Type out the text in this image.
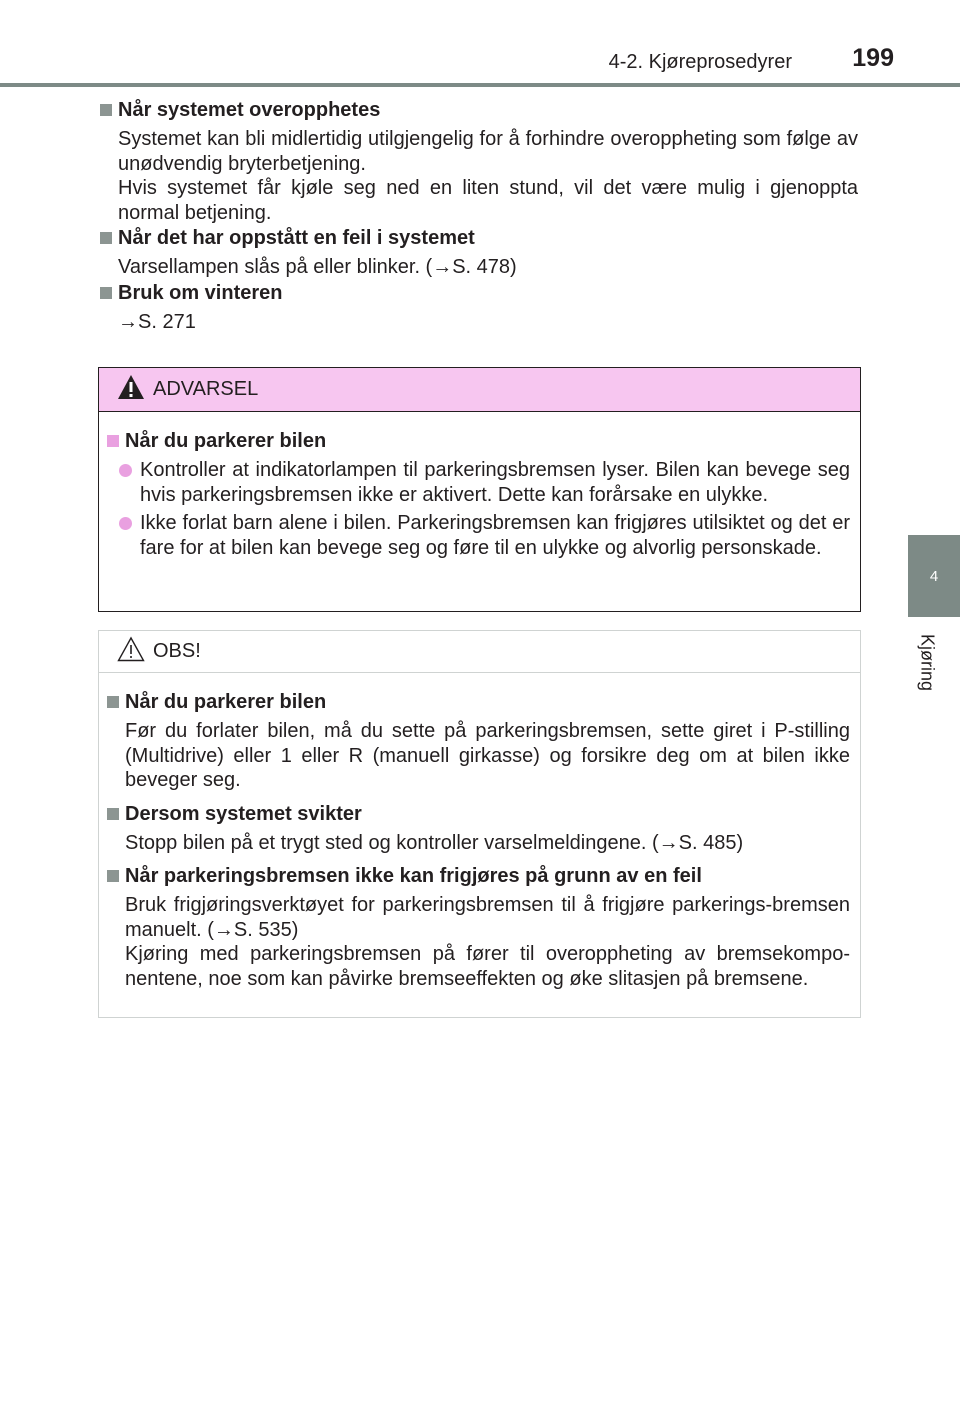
4-2. Kjøreprosedyrer 199
4
Kjøring
Når systemet overopphetes

Systemet kan bli midlertidig utilgjengelig for å forhindre overoppheting som følge av unødvendig bryterbetjening.

Hvis systemet får kjøle seg ned en liten stund, vil det være mulig i gjenoppta normal betjening.

Når det har oppstått en feil i systemet

Varsellampen slås på eller blinker. (→S. 478)

Bruk om vinteren

→S. 271

ADVARSEL
Når du parkerer bilen
Kontroller at indikatorlampen til parkeringsbremsen lyser. Bilen kan bevege seg hvis parkeringsbremsen ikke er aktivert. Dette kan forårsake en ulykke.
Ikke forlat barn alene i bilen. Parkeringsbremsen kan frigjøres utilsiktet og det er fare for at bilen kan bevege seg og føre til en ulykke og alvorlig personskade.
OBS!
Når du parkerer bilen

Før du forlater bilen, må du sette på parkeringsbremsen, sette giret i P-stilling (Multidrive) eller 1 eller R (manuell girkasse) og forsikre deg om at bilen ikke beveger seg.

Dersom systemet svikter

Stopp bilen på et trygt sted og kontroller varselmeldingene. (→S. 485)

Når parkeringsbremsen ikke kan frigjøres på grunn av en feil

Bruk frigjøringsverktøyet for parkeringsbremsen til å frigjøre parkerings-bremsen manuelt. (→S. 535)

Kjøring med parkeringsbremsen på fører til overoppheting av bremsekompo-nentene, noe som kan påvirke bremseeffekten og øke slitasjen på bremsene.
